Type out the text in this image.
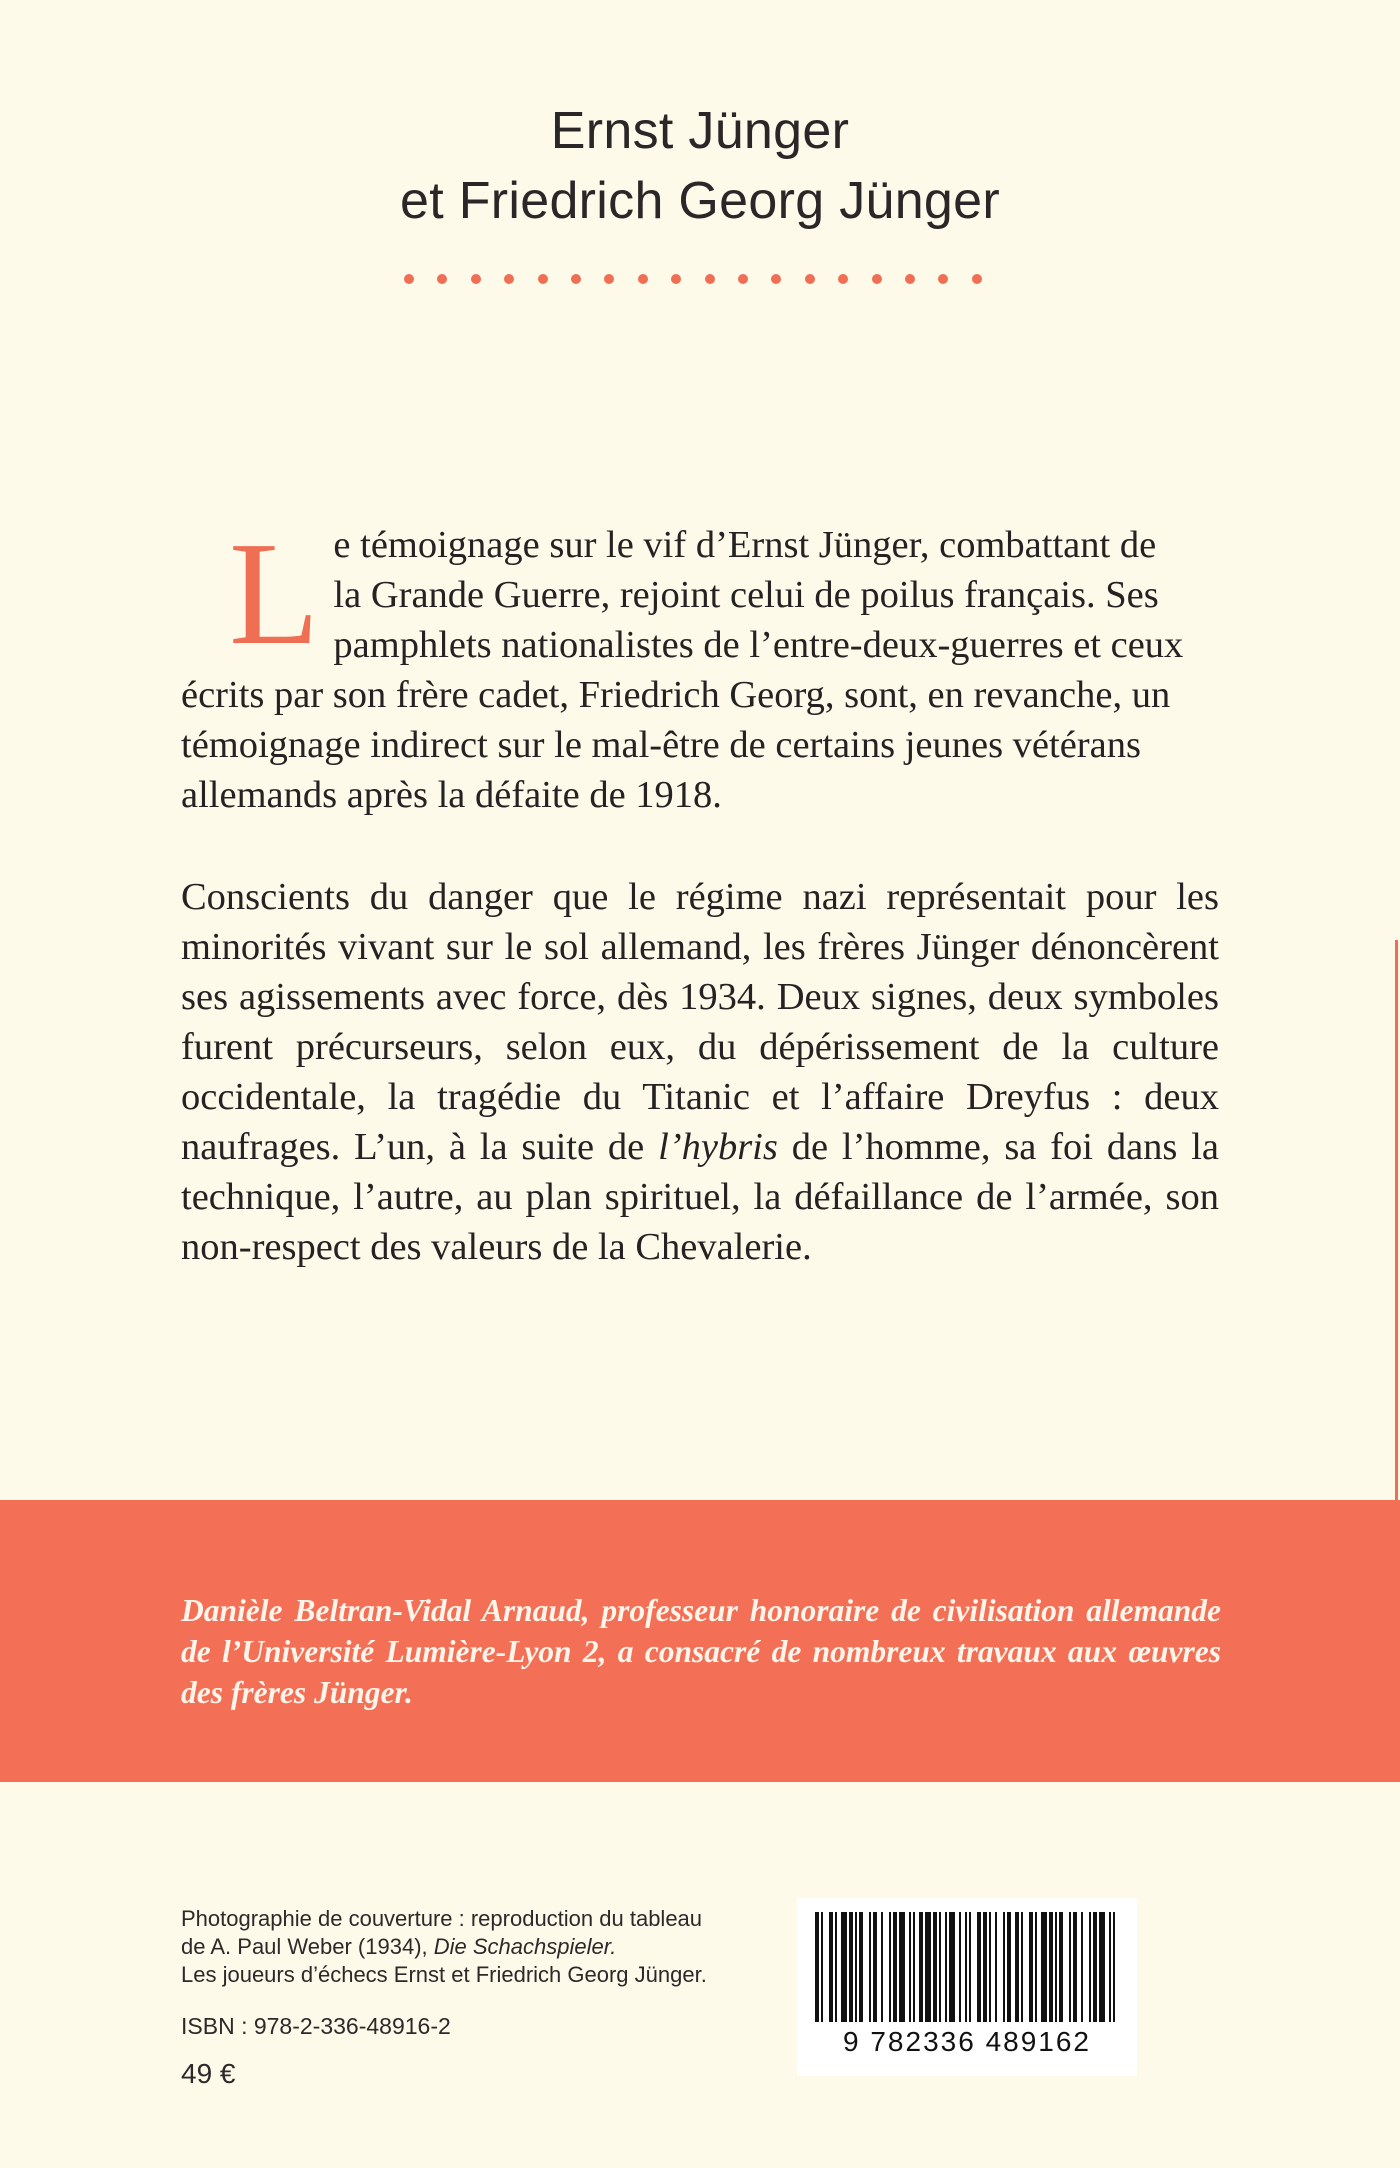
Ernst Jünger
et Friedrich Georg Jünger
L e témoignage sur le vif d’Ernst Jünger, combattant de
la Grande Guerre, rejoint celui de poilus français. Ses
pamphlets nationalistes de l’entre-deux-guerres et ceux
écrits par son frère cadet, Friedrich Georg, sont, en revanche, un
témoignage indirect sur le mal-être de certains jeunes vétérans
allemands après la défaite de 1918.
Conscients du danger que le régime nazi représentait pour les minorités vivant sur le sol allemand, les frères Jünger dénoncèrent ses agissements avec force, dès 1934. Deux signes, deux symboles furent précurseurs, selon eux, du dépérissement de la culture occidentale, la tragédie du Titanic et l’affaire Dreyfus : deux naufrages. L’un, à la suite de l’hybris de l’homme, sa foi dans la technique, l’autre, au plan spirituel, la défaillance de l’armée, son non-respect des valeurs de la Chevalerie.
Danièle Beltran-Vidal Arnaud, professeur honoraire de civilisation allemande de l’Université Lumière-Lyon 2, a consacré de nombreux travaux aux œuvres des frères Jünger.
Photographie de couverture : reproduction du tableau
de A. Paul Weber (1934), Die Schachspieler.
Les joueurs d’échecs Ernst et Friedrich Georg Jünger.
ISBN : 978-2-336-48916-2
49 €
9 782336 489162
